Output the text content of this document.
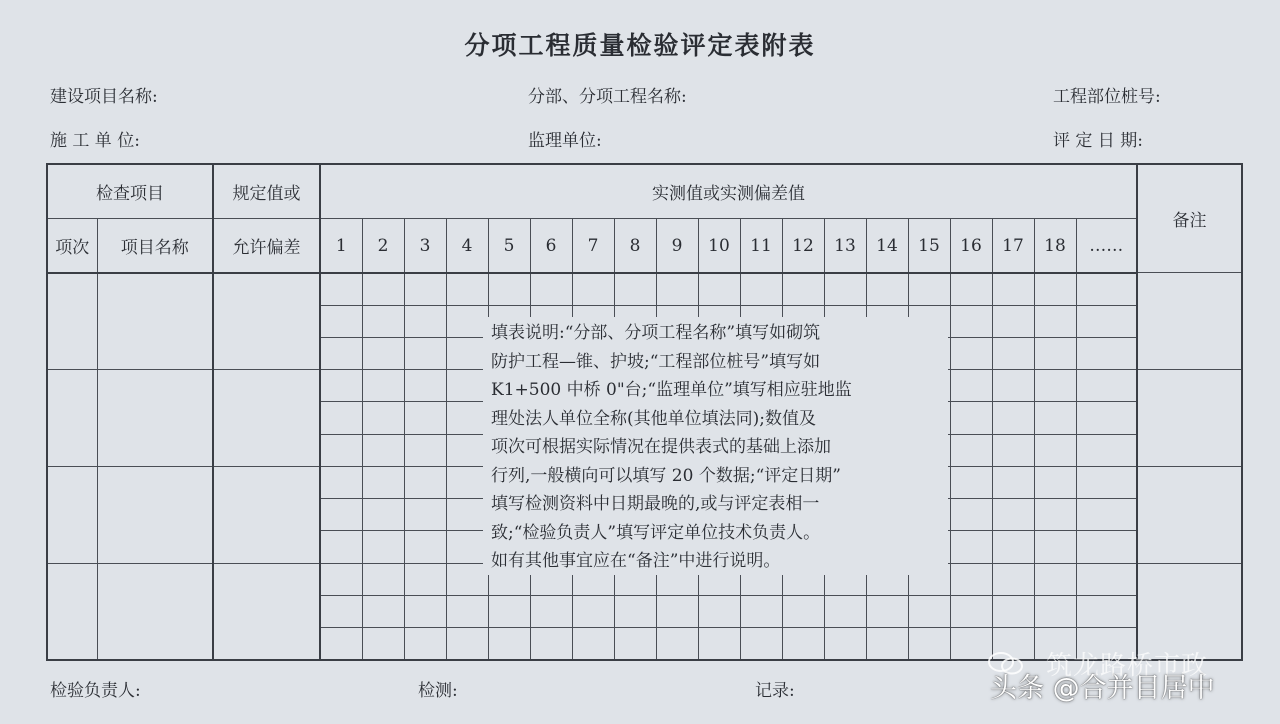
分项工程质量检验评定表附表
建设项目名称:	分部、分项工程名称:	工程部位桩号:
施 工 单 位:	监理单位:	评 定 日 期:
检查项目		规定值或	实测值或实测偏差值																			备注
项次	项目名称	允许偏差	1	2	3	4	5	6	7	8	9	10	11	12	13	14	15	16	17	18	……	

填表说明:“分部、分项工程名称”填写如砌筑
防护工程—锥、护坡;“工程部位桩号”填写如
K1+500 中桥 0"台;“监理单位”填写相应驻地监
理处法人单位全称(其他单位填法同);数值及
项次可根据实际情况在提供表式的基础上添加
行列,一般横向可以填写 20 个数据;“评定日期”
填写检测资料中日期最晚的,或与评定表相一
致;“检验负责人”填写评定单位技术负责人。
如有其他事宜应在“备注”中进行说明。
检验负责人:	检测:	记录:
筑龙路桥市政
头条 @合并目居中
